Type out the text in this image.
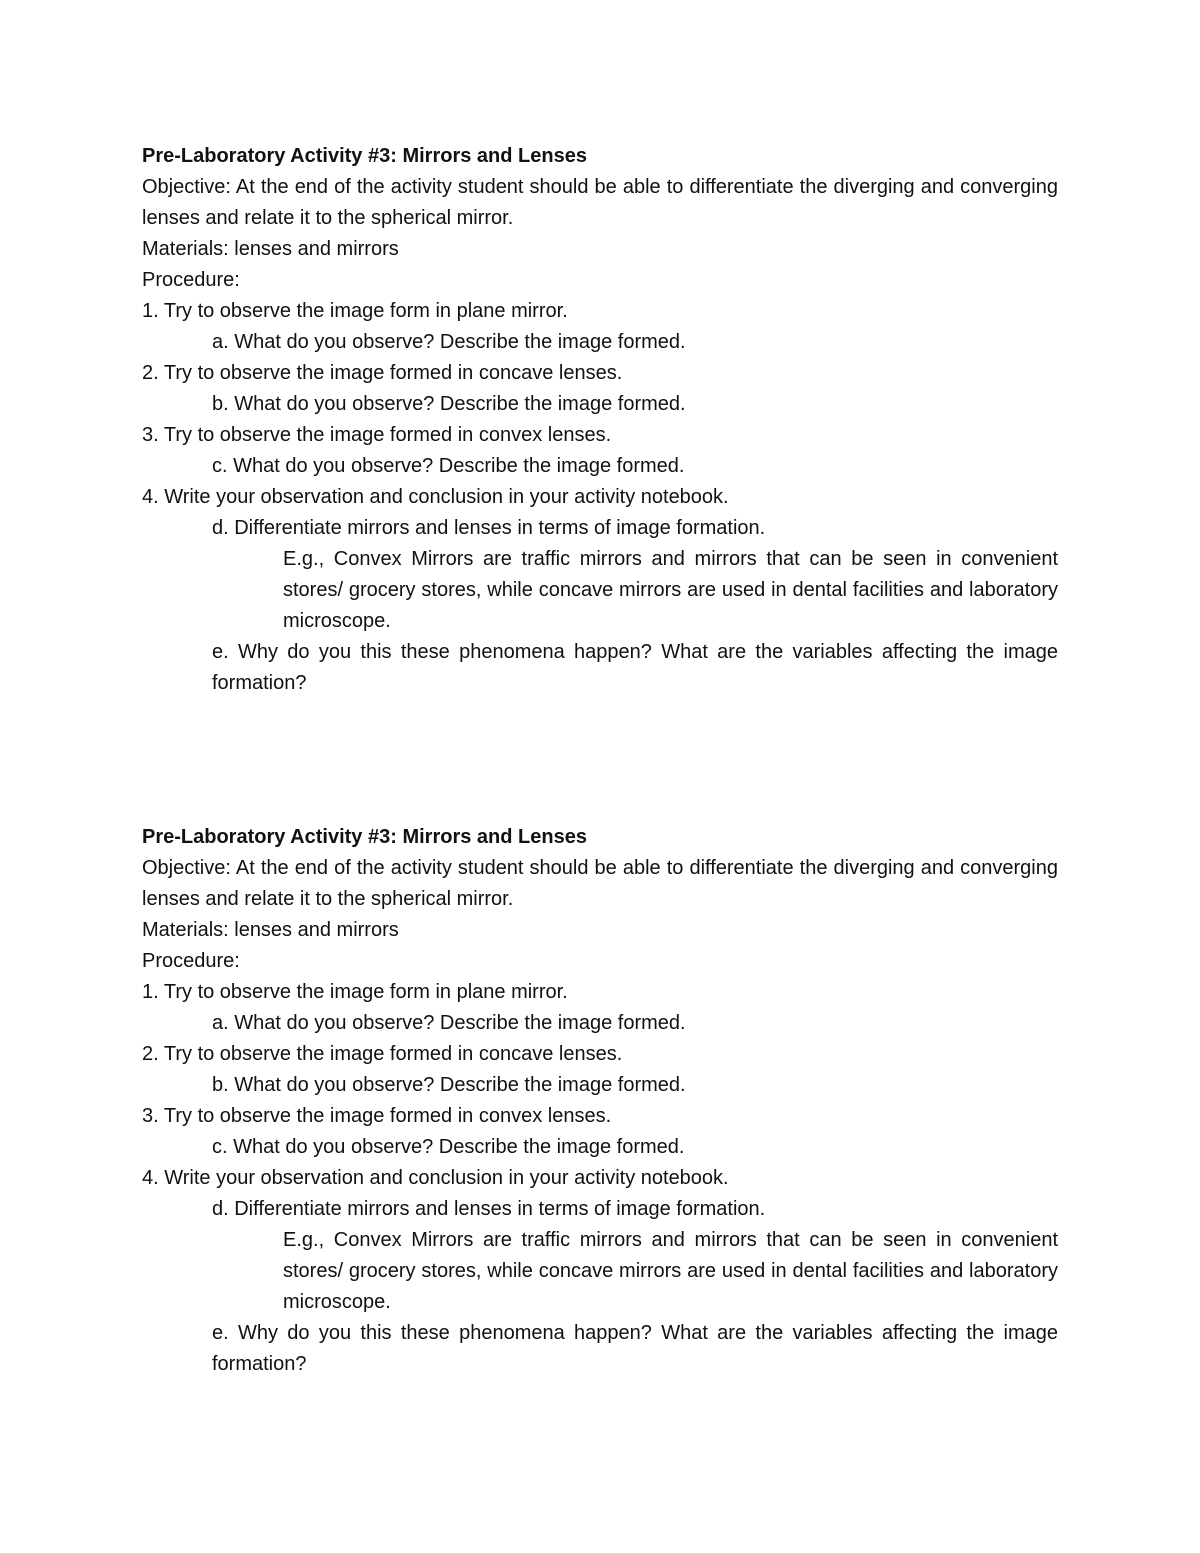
Pre-Laboratory Activity #3: Mirrors and Lenses
Objective: At the end of the activity student should be able to differentiate the diverging and converging lenses and relate it to the spherical mirror.
Materials: lenses and mirrors
Procedure:
1. Try to observe the image form in plane mirror.
a. What do you observe? Describe the image formed.
2. Try to observe the image formed in concave lenses.
b. What do you observe? Describe the image formed.
3. Try to observe the image formed in convex lenses.
c. What do you observe? Describe the image formed.
4. Write your observation and conclusion in your activity notebook.
d. Differentiate mirrors and lenses in terms of image formation.
E.g., Convex Mirrors are traffic mirrors and mirrors that can be seen in convenient stores/ grocery stores, while concave mirrors are used in dental facilities and laboratory microscope.
e. Why do you this these phenomena happen? What are the variables affecting the image formation?
Pre-Laboratory Activity #3: Mirrors and Lenses
Objective: At the end of the activity student should be able to differentiate the diverging and converging lenses and relate it to the spherical mirror.
Materials: lenses and mirrors
Procedure:
1. Try to observe the image form in plane mirror.
a. What do you observe? Describe the image formed.
2. Try to observe the image formed in concave lenses.
b. What do you observe? Describe the image formed.
3. Try to observe the image formed in convex lenses.
c. What do you observe? Describe the image formed.
4. Write your observation and conclusion in your activity notebook.
d. Differentiate mirrors and lenses in terms of image formation.
E.g., Convex Mirrors are traffic mirrors and mirrors that can be seen in convenient stores/ grocery stores, while concave mirrors are used in dental facilities and laboratory microscope.
e. Why do you this these phenomena happen? What are the variables affecting the image formation?
